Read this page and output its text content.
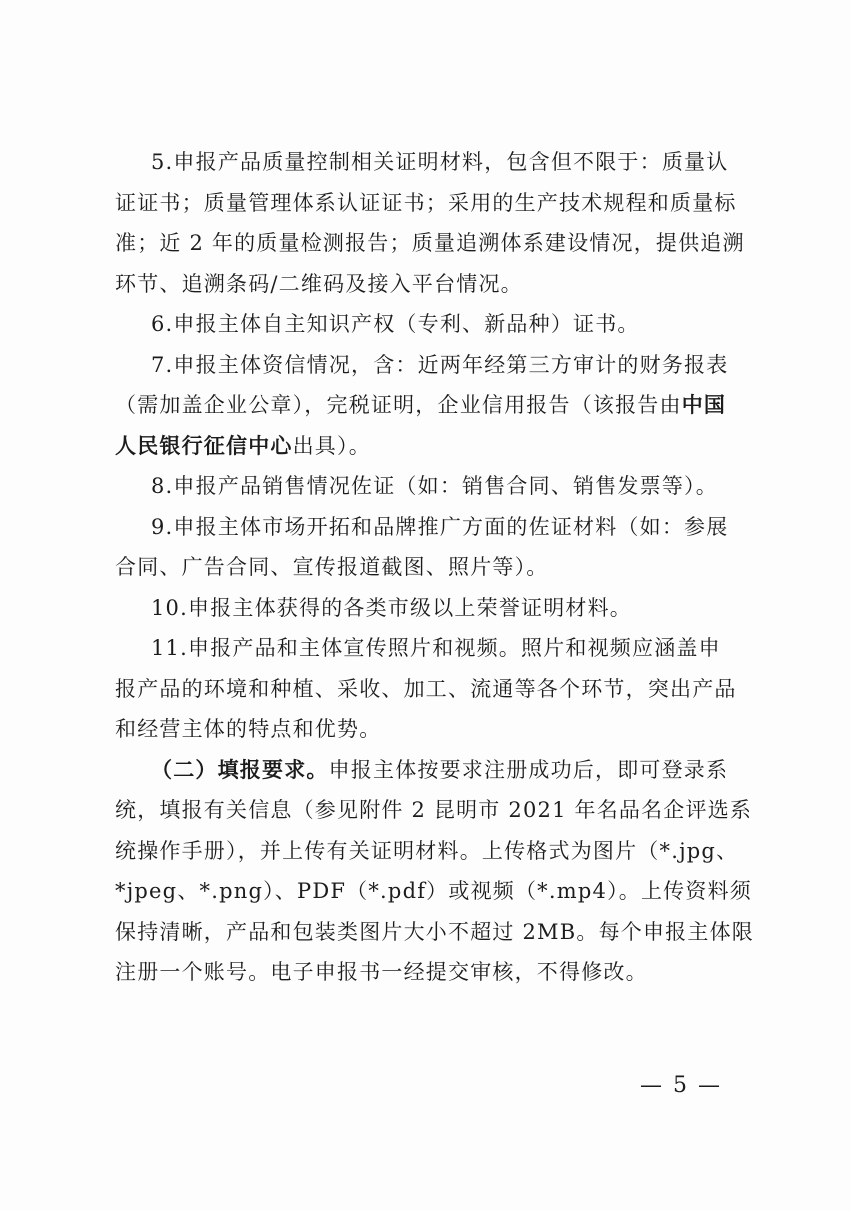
5.申报产品质量控制相关证明材料，包含但不限于：质量认
证证书；质量管理体系认证证书；采用的生产技术规程和质量标
准；近 2 年的质量检测报告；质量追溯体系建设情况，提供追溯
环节、追溯条码/二维码及接入平台情况。
6.申报主体自主知识产权（专利、新品种）证书。
7.申报主体资信情况，含：近两年经第三方审计的财务报表
（需加盖企业公章），完税证明，企业信用报告（该报告由中国
人民银行征信中心出具）。
8.申报产品销售情况佐证（如：销售合同、销售发票等）。
9.申报主体市场开拓和品牌推广方面的佐证材料（如：参展
合同、广告合同、宣传报道截图、照片等）。
10.申报主体获得的各类市级以上荣誉证明材料。
11.申报产品和主体宣传照片和视频。照片和视频应涵盖申
报产品的环境和种植、采收、加工、流通等各个环节，突出产品
和经营主体的特点和优势。
（二）填报要求。申报主体按要求注册成功后，即可登录系
统，填报有关信息（参见附件 2 昆明市 2021 年名品名企评选系
统操作手册），并上传有关证明材料。上传格式为图片（*.jpg、
*jpeg、*.png）、PDF（*.pdf）或视频（*.mp4）。上传资料须
保持清晰，产品和包装类图片大小不超过 2MB。每个申报主体限
注册一个账号。电子申报书一经提交审核，不得修改。
— 5 —
